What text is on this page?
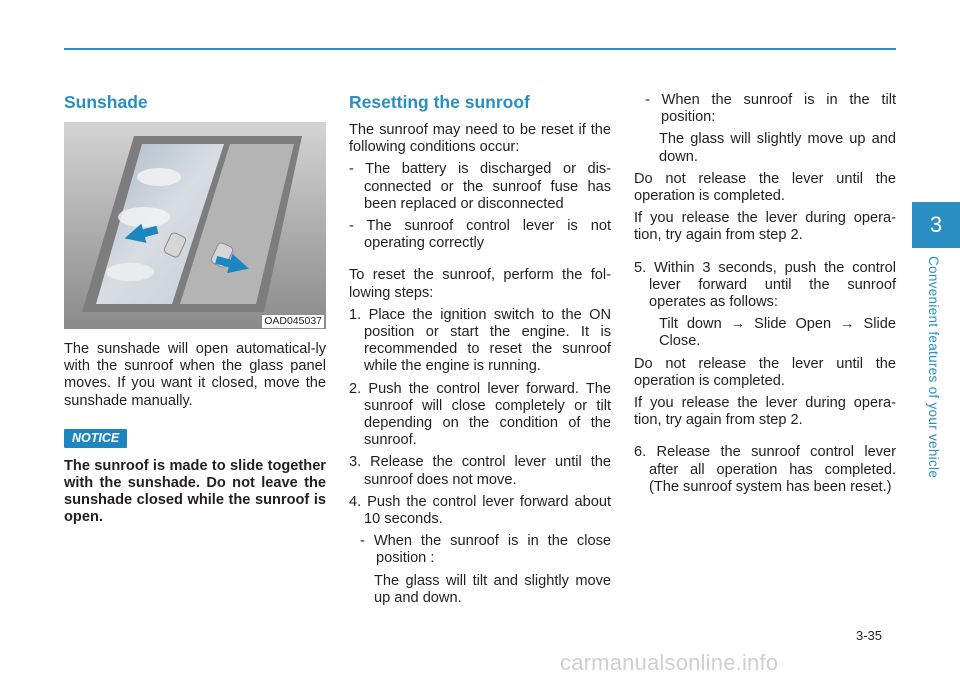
Sunshade
OAD045037

The sunshade will open automatical-ly with the sunroof when the glass panel moves. If you want it closed, move the sunshade manually.

NOTICE

The sunroof is made to slide together with the sunshade. Do not leave the sunshade closed while the sunroof is open.

Resetting the sunroof

The sunroof may need to be reset if the following conditions occur:

- The battery is discharged or dis-connected or the sunroof fuse has been replaced or disconnected

- The sunroof control lever is not operating correctly

To reset the sunroof, perform the fol-lowing steps:

1. Place the ignition switch to the ON position or start the engine. It is recommended to reset the sunroof while the engine is running.

2. Push the control lever forward. The sunroof will close completely or tilt depending on the condition of the sunroof.

3. Release the control lever until the sunroof does not move.

4. Push the control lever forward about 10 seconds.

- When the sunroof is in the close position :

The glass will tilt and slightly move up and down.

- When the sunroof is in the tilt position:

The glass will slightly move up and down.

Do not release the lever until the operation is completed.

If you release the lever during opera-tion, try again from step 2.

5. Within 3 seconds, push the control lever forward until the sunroof operates as follows:

Tilt down → Slide Open → Slide Close.

Do not release the lever until the operation is completed.

If you release the lever during opera-tion, try again from step 2.

6. Release the sunroof control lever after all operation has completed. (The sunroof system has been reset.)

3
Convenient features of your vehicle
3-35
carmanualsonline.info
